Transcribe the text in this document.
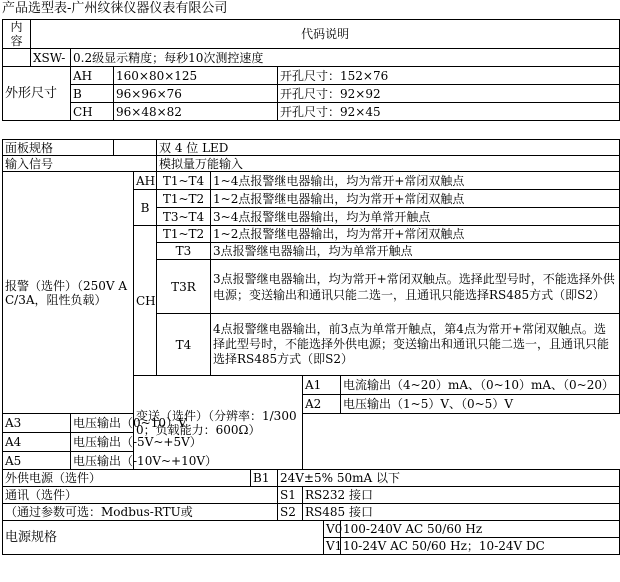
产品选型表-广州纹徕仪器仪表有限公司
内容	代码说明										
	XSW-	0.2级显示精度；每秒10次测控速度									
外形尺寸		AH	160×80×125					开孔尺寸：152×76			
		B	96×96×76					开孔尺寸：92×92			
		CH	96×48×82					开孔尺寸：92×45			

面板规格					双 4 位 LED						
输入信号					模拟量万能输入						
报警（选件）（250V AC/3A，阻性负载）				AH	T1~T4	1~4点报警继电器输出，均为常开+常闭双触点					
				B	T1~T2	1~2点报警继电器输出，均为常开+常闭双触点					
					T3~T4	3~4点报警继电器输出，均为单常开触点					
				CH	T1~T2	1~2点报警继电器输出，均为常开+常闭双触点					
					T3	3点报警继电器输出，均为单常开触点					
					T3R	3点报警继电器输出，均为常开+常闭双触点。选择此型号时，不能选择外供电源；变送输出和通讯只能二选一，且通讯只能选择RS485方式（即S2）					
					T4	4点报警继电器输出，前3点为单常开触点，第4点为常开+常闭双触点。选择此型号时，不能选择外供电源；变送输出和通讯只能二选一，且通讯只能选择RS485方式（即S2）					
				变送（选件）（分辨率：1/3000；负载能力：600Ω）					A1		电流输出（4~20）mA、（0~10）mA、（0~20）
									A2		电压输出（1~5）V、（0~5）V
A3		电压输出（0~10）V									
A4		电压输出（-5V~+5V）									
A5		电压输出（-10V~+10V）									
外供电源（选件）							B1	24V±5% 50mA 以下			
通讯（选件）								S1	RS232 接口		
（通过参数可选：Modbus-RTU或								S2	RS485 接口		
电源规格										V0	100-240V AC 50/60 Hz
										V1	10-24V AC 50/60 Hz；10-24V DC
